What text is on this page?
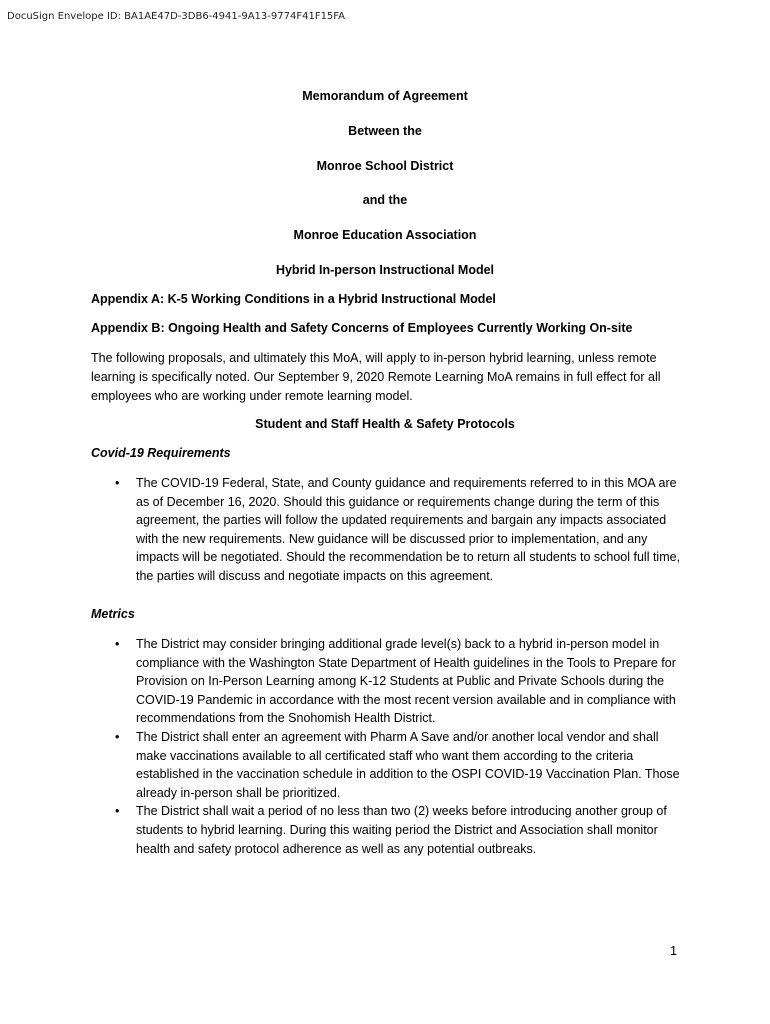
DocuSign Envelope ID: BA1AE47D-3DB6-4941-9A13-9774F41F15FA
Memorandum of Agreement
Between the
Monroe School District
and the
Monroe Education Association
Hybrid In-person Instructional Model
Appendix A: K-5 Working Conditions in a Hybrid Instructional Model
Appendix B: Ongoing Health and Safety Concerns of Employees Currently Working On-site
The following proposals, and ultimately this MoA, will apply to in-person hybrid learning, unless remote learning is specifically noted. Our September 9, 2020 Remote Learning MoA remains in full effect for all employees who are working under remote learning model.
Student and Staff Health & Safety Protocols
Covid-19 Requirements
• The COVID-19 Federal, State, and County guidance and requirements referred to in this MOA are as of December 16, 2020. Should this guidance or requirements change during the term of this agreement, the parties will follow the updated requirements and bargain any impacts associated with the new requirements. New guidance will be discussed prior to implementation, and any impacts will be negotiated. Should the recommendation be to return all students to school full time, the parties will discuss and negotiate impacts on this agreement.
Metrics
• The District may consider bringing additional grade level(s) back to a hybrid in-person model in compliance with the Washington State Department of Health guidelines in the Tools to Prepare for Provision on In-Person Learning among K-12 Students at Public and Private Schools during the COVID-19 Pandemic in accordance with the most recent version available and in compliance with recommendations from the Snohomish Health District.
• The District shall enter an agreement with Pharm A Save and/or another local vendor and shall make vaccinations available to all certificated staff who want them according to the criteria established in the vaccination schedule in addition to the OSPI COVID-19 Vaccination Plan. Those already in-person shall be prioritized.
• The District shall wait a period of no less than two (2) weeks before introducing another group of students to hybrid learning. During this waiting period the District and Association shall monitor health and safety protocol adherence as well as any potential outbreaks.
1
